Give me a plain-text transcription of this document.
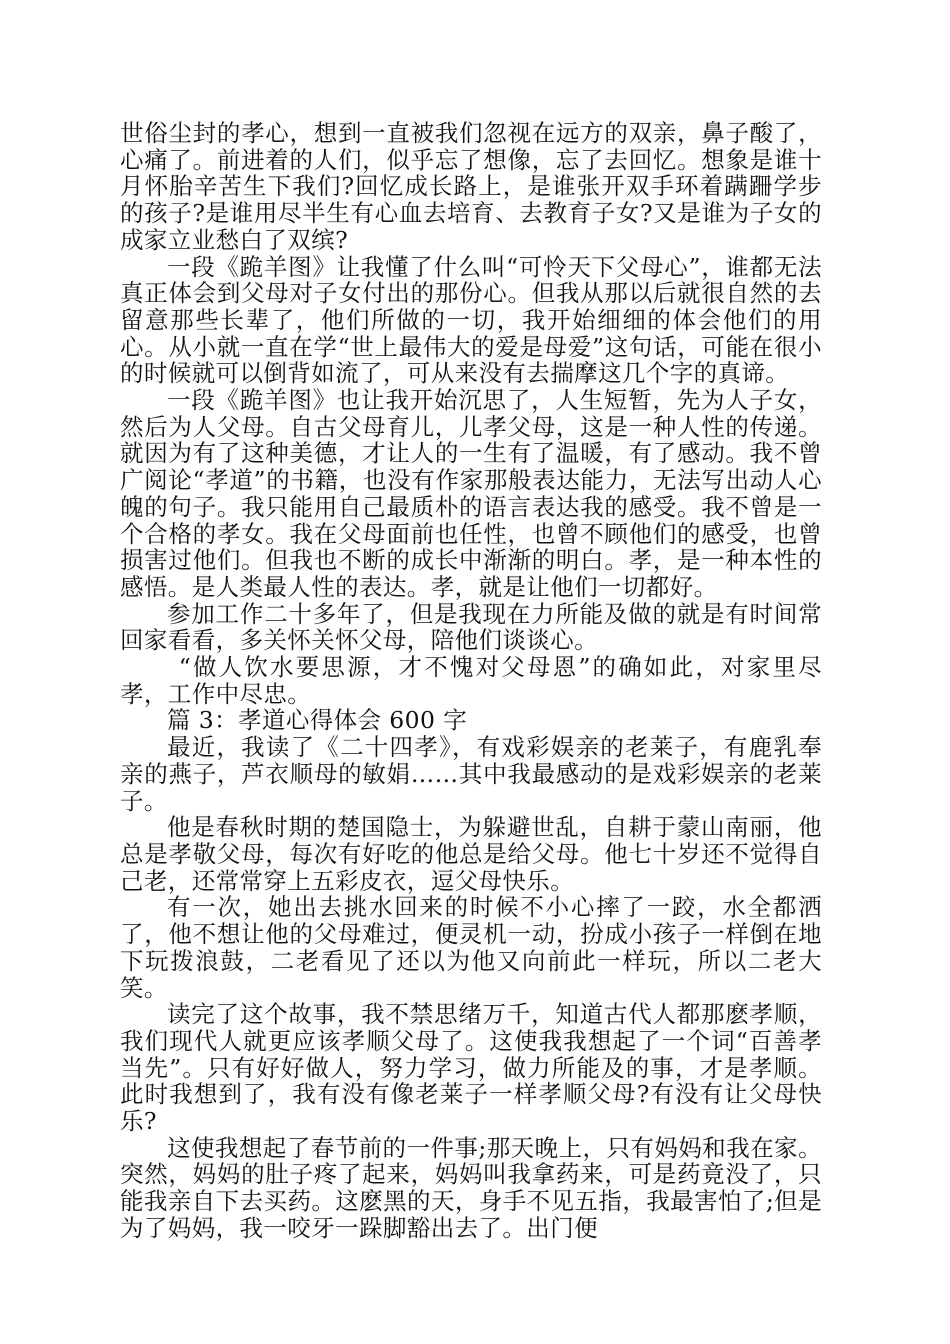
世俗尘封的孝心，想到一直被我们忽视在远方的双亲，鼻子酸了，心痛了。前进着的人们，似乎忘了想像，忘了去回忆。想象是谁十月怀胎辛苦生下我们?回忆成长路上，是谁张开双手环着蹒跚学步的孩子?是谁用尽半生有心血去培育、去教育子女?又是谁为子女的成家立业愁白了双缤?

一段《跪羊图》让我懂了什么叫“可怜天下父母心”，谁都无法真正体会到父母对子女付出的那份心。但我从那以后就很自然的去留意那些长辈了，他们所做的一切，我开始细细的体会他们的用心。从小就一直在学“世上最伟大的爱是母爱”这句话，可能在很小的时候就可以倒背如流了，可从来没有去揣摩这几个字的真谛。

一段《跪羊图》也让我开始沉思了，人生短暂，先为人子女，然后为人父母。自古父母育儿，儿孝父母，这是一种人性的传递。就因为有了这种美德，才让人的一生有了温暖，有了感动。我不曾广阅论“孝道”的书籍，也没有作家那般表达能力，无法写出动人心魄的句子。我只能用自己最质朴的语言表达我的感受。我不曾是一个合格的孝女。我在父母面前也任性，也曾不顾他们的感受，也曾损害过他们。但我也不断的成长中渐渐的明白。孝，是一种本性的感悟。是人类最人性的表达。孝，就是让他们一切都好。

参加工作二十多年了，但是我现在力所能及做的就是有时间常回家看看，多关怀关怀父母，陪他们谈谈心。

“做人饮水要思源，才不愧对父母恩”的确如此，对家里尽孝，工作中尽忠。

篇 3：孝道心得体会 600 字

最近，我读了《二十四孝》，有戏彩娱亲的老莱子，有鹿乳奉亲的燕子，芦衣顺母的敏娟……其中我最感动的是戏彩娱亲的老莱子。

他是春秋时期的楚国隐士，为躲避世乱，自耕于蒙山南丽，他总是孝敬父母，每次有好吃的他总是给父母。他七十岁还不觉得自己老，还常常穿上五彩皮衣，逗父母快乐。

有一次，她出去挑水回来的时候不小心摔了一跤，水全都洒了，他不想让他的父母难过，便灵机一动，扮成小孩子一样倒在地下玩拨浪鼓，二老看见了还以为他又向前此一样玩，所以二老大笑。

读完了这个故事，我不禁思绪万千，知道古代人都那麽孝顺，我们现代人就更应该孝顺父母了。这使我我想起了一个词“百善孝当先”。只有好好做人，努力学习，做力所能及的事，才是孝顺。此时我想到了，我有没有像老莱子一样孝顺父母?有没有让父母快乐?

这使我想起了春节前的一件事;那天晚上，只有妈妈和我在家。突然，妈妈的肚子疼了起来，妈妈叫我拿药来，可是药竟没了，只能我亲自下去买药。这麽黑的天，身手不见五指，我最害怕了;但是为了妈妈，我一咬牙一跺脚豁出去了。出门便
